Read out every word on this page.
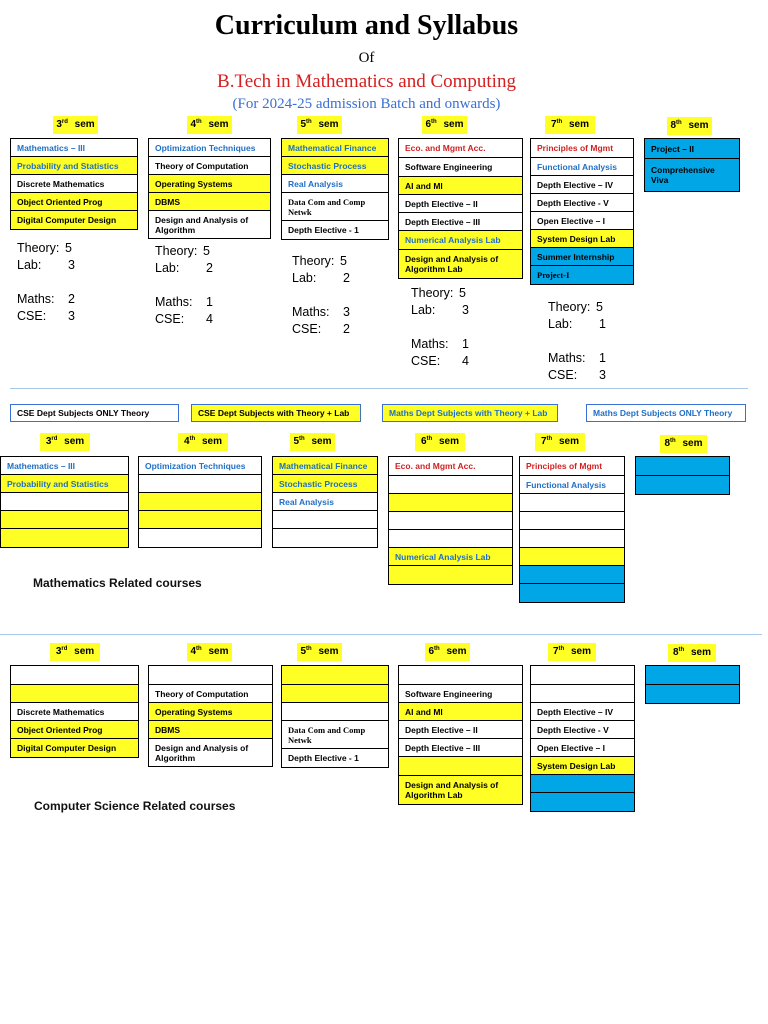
Curriculum and Syllabus
Of
B.Tech in Mathematics and Computing
(For 2024-25 admission Batch and onwards)
CSE Dept Subjects ONLY Theory	CSE Dept Subjects with Theory + Lab	Maths Dept Subjects with Theory + Lab	Maths Dept Subjects ONLY Theory
3rd sem
Mathematics – III
Probability and Statistics
Discrete Mathematics
Object Oriented Prog
Digital Computer Design
4th sem
Optimization Techniques
Theory of Computation
Operating Systems
DBMS
Design and Analysis of Algorithm
5th sem
Mathematical Finance
Stochastic Process
Real Analysis
Data Com and Comp Netwk
Depth Elective - 1
6th sem
Eco. and Mgmt Acc.
Software Engineering
AI and Ml
Depth Elective – II
Depth Elective – III
Numerical Analysis Lab
Design and Analysis of Algorithm Lab
7th sem
Principles of Mgmt
Functional Analysis
Depth Elective – IV
Depth Elective - V
Open Elective – I
System Design Lab
Summer Internship
Project-I
8th sem
Project – II
Comprehensive Viva
Theory: 5
Lab: 3
Maths: 2
CSE: 3
Theory: 5
Lab: 2
Maths: 1
CSE: 4
Theory: 5
Lab: 2
Maths: 3
CSE: 2
Theory: 5
Lab: 3
Maths: 1
CSE: 4
Theory: 5
Lab: 1
Maths: 1
CSE: 3
3rd sem
Mathematics – III
Probability and Statistics
4th sem
Optimization Techniques
5th sem
Mathematical Finance
Stochastic Process
Real Analysis
6th sem
Eco. and Mgmt Acc.
Numerical Analysis Lab
7th sem
Principles of Mgmt
Functional Analysis
8th sem
Mathematics Related courses
3rd sem
Discrete Mathematics
Object Oriented Prog
Digital Computer Design
4th sem
Theory of Computation
Operating Systems
DBMS
Design and Analysis of Algorithm
5th sem
Data Com and Comp Netwk
Depth Elective - 1
6th sem
Software Engineering
AI and Ml
Depth Elective – II
Depth Elective – III
Design and Analysis of Algorithm Lab
7th sem
Depth Elective – IV
Depth Elective - V
Open Elective – I
System Design Lab
8th sem
Computer Science Related courses
